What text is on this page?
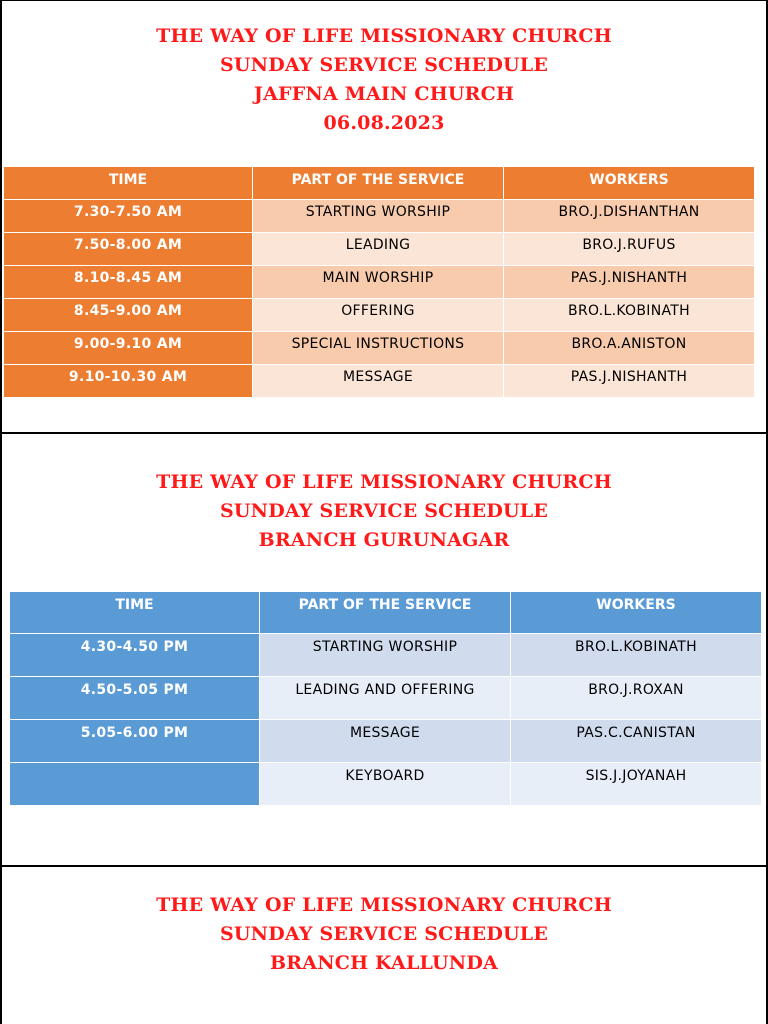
THE WAY OF LIFE MISSIONARY CHURCH
SUNDAY SERVICE SCHEDULE
JAFFNA MAIN CHURCH
06.08.2023
TIME	PART OF THE SERVICE	WORKERS
7.30-7.50 AM	STARTING WORSHIP	BRO.J.DISHANTHAN
7.50-8.00 AM	LEADING	BRO.J.RUFUS
8.10-8.45 AM	MAIN WORSHIP	PAS.J.NISHANTH
8.45-9.00 AM	OFFERING	BRO.L.KOBINATH
9.00-9.10 AM	SPECIAL INSTRUCTIONS	BRO.A.ANISTON
9.10-10.30 AM	MESSAGE	PAS.J.NISHANTH
THE WAY OF LIFE MISSIONARY CHURCH
SUNDAY SERVICE SCHEDULE
BRANCH GURUNAGAR
TIME	PART OF THE SERVICE	WORKERS
4.30-4.50 PM	STARTING WORSHIP	BRO.L.KOBINATH
4.50-5.05 PM	LEADING AND OFFERING	BRO.J.ROXAN
5.05-6.00 PM	MESSAGE	PAS.C.CANISTAN
	KEYBOARD	SIS.J.JOYANAH
THE WAY OF LIFE MISSIONARY CHURCH
SUNDAY SERVICE SCHEDULE
BRANCH KALLUNDA
